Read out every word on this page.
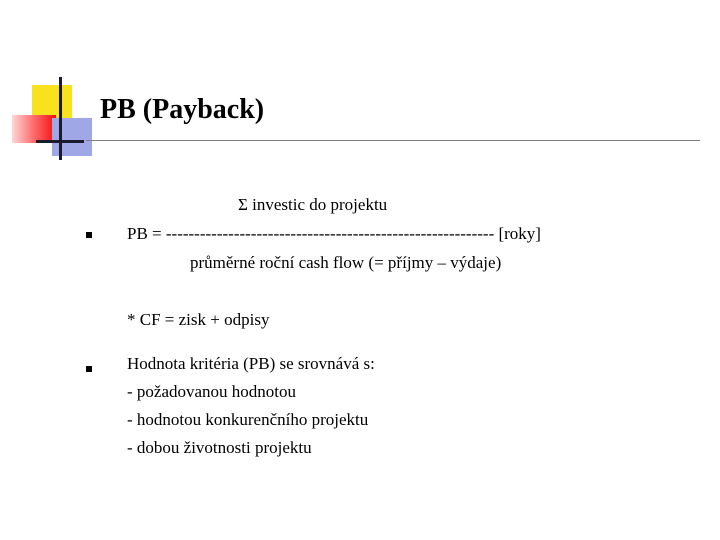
PB (Payback)
Σ investic do projektu
PB = ---------------------------------------------------------- [roky]
průměrné roční cash flow (= příjmy – výdaje)
* CF = zisk + odpisy
Hodnota kritéria (PB) se srovnává s:
- požadovanou hodnotou
- hodnotou konkurenčního projektu
- dobou životnosti projektu
